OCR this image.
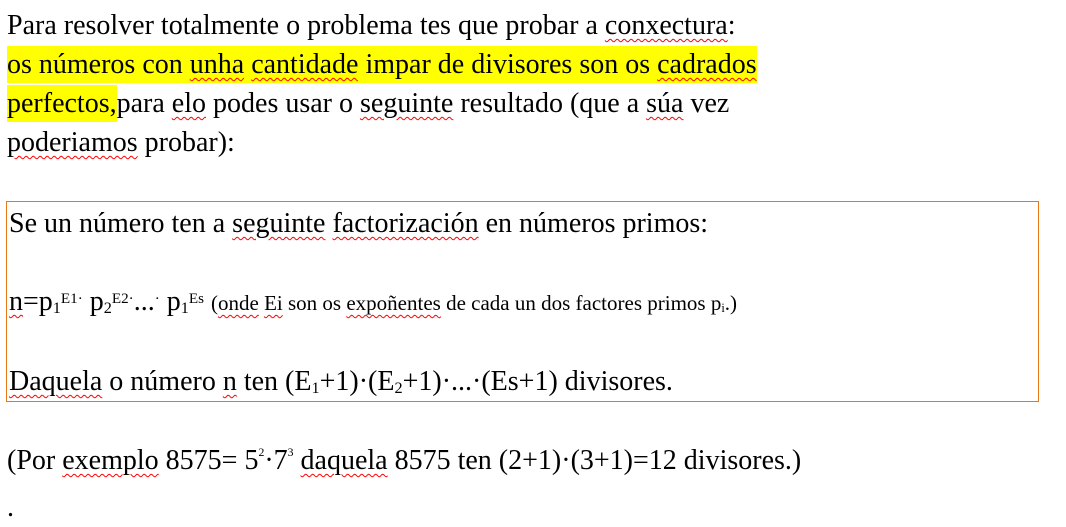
Para resolver totalmente o problema tes que probar a conxectura:
os números con unha cantidade impar de divisores son os cadrados
perfectos,para elo podes usar o seguinte resultado (que a súa vez
poderiamos probar):

Se un número ten a seguinte factorización en números primos:

$n=p1^{E1\cdot}$ $p2^{E2\cdot}...^\cdot$ $p1^{Es}$ (onde Ei son os expoñentes de cada un dos factores primos pi.)

Daquela o número n ten (E1+1)·(E2+1)·...·(Es+1) divisores.

(Por exemplo $8575= 5^2\cdot 7^3$ daquela 8575 ten (2+1)·(3+1)=12 divisores.)

.
